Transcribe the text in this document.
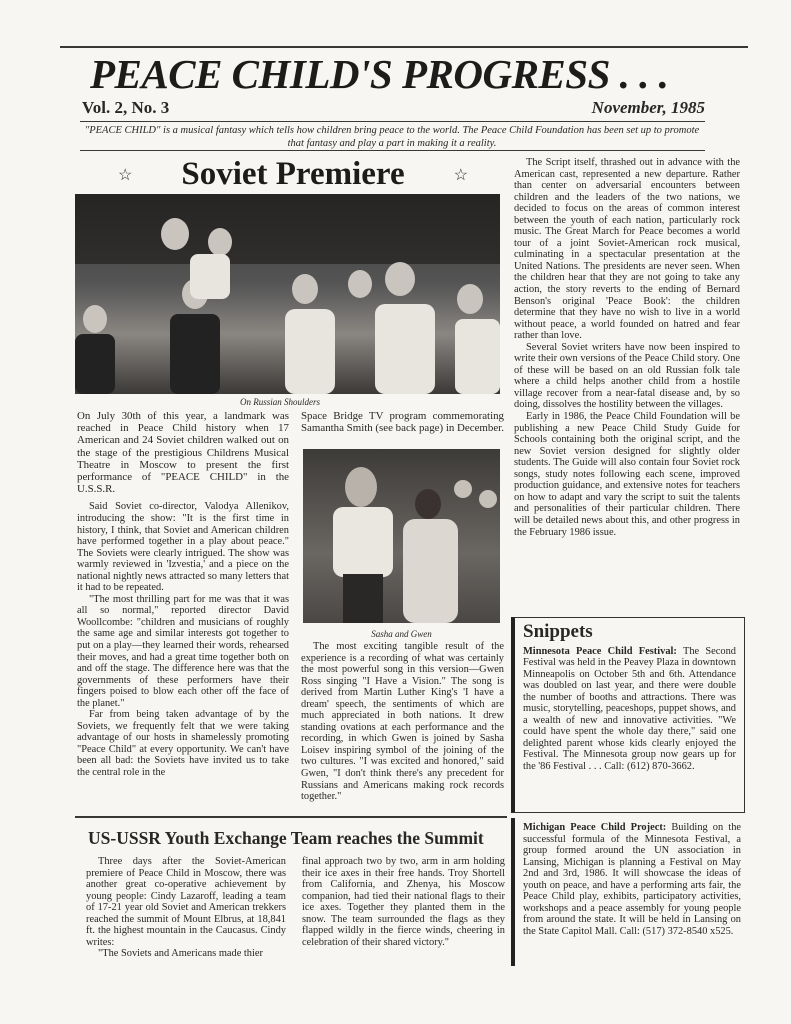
PEACE CHILD'S PROGRESS . . .
Vol. 2, No. 3	November, 1985
"PEACE CHILD" is a musical fantasy which tells how children bring peace to the world. The Peace Child Foundation has been set up to promote that fantasy and play a part in making it a reality.
☆ Soviet Premiere	☆
On Russian Shoulders

On July 30th of this year, a landmark was reached in Peace Child history when 17 American and 24 Soviet children walked out on the stage of the prestigious Childrens Musical Theatre in Moscow to present the first performance of "PEACE CHILD" in the U.S.S.R.

Said Soviet co-director, Valodya Allenikov, introducing the show: "It is the first time in history, I think, that Soviet and American children have performed together in a play about peace." The Soviets were clearly intrigued. The show was warmly reviewed in 'Izvestia,' and a piece on the national nightly news attracted so many letters that it had to be repeated.

"The most thrilling part for me was that it was all so normal," reported director David Woollcombe: "children and musicians of roughly the same age and similar interests got together to put on a play—they learned their words, rehearsed their moves, and had a great time together both on and off the stage. The difference here was that the governments of these performers have their fingers poised to blow each other off the face of the planet."

Far from being taken advantage of by the Soviets, we frequently felt that we were taking advantage of our hosts in shamelessly promoting "Peace Child" at every opportunity. We can't have been all bad: the Soviets have invited us to take the central role in the

Space Bridge TV program commemorating Samantha Smith (see back page) in December.

Sasha and Gwen

The most exciting tangible result of the experience is a recording of what was certainly the most powerful song in this version—Gwen Ross singing "I Have a Vision." The song is derived from Martin Luther King's 'I have a dream' speech, the sentiments of which are much appreciated in both nations. It drew standing ovations at each performance and the recording, in which Gwen is joined by Sasha Loisev inspiring symbol of the joining of the two cultures. "I was excited and honored," said Gwen, "I don't think there's any precedent for Russians and Americans making rock records together."

The Script itself, thrashed out in advance with the American cast, represented a new departure. Rather than center on adversarial encounters between children and the leaders of the two nations, we decided to focus on the areas of common interest between the youth of each nation, particularly rock music. The Great March for Peace becomes a world tour of a joint Soviet-American rock musical, culminating in a spectacular presentation at the United Nations. The presidents are never seen. When the children hear that they are not going to take any action, the story reverts to the ending of Bernard Benson's original 'Peace Book': the children determine that they have no wish to live in a world without peace, a world founded on hatred and fear rather than love.

Several Soviet writers have now been inspired to write their own versions of the Peace Child story. One of these will be based on an old Russian folk tale where a child helps another child from a hostile village recover from a near-fatal disease and, by so doing, dissolves the hostility between the villages.

Early in 1986, the Peace Child Foundation will be publishing a new Peace Child Study Guide for Schools containing both the original script, and the new Soviet version designed for slightly older students. The Guide will also contain four Soviet rock songs, study notes following each scene, improved production guidance, and extensive notes for teachers on how to adapt and vary the script to suit the talents and personalities of their particular children. There will be detailed news about this, and other progress in the February 1986 issue.

Snippets

Minnesota Peace Child Festival: The Second Festival was held in the Peavey Plaza in downtown Minneapolis on October 5th and 6th. Attendance was doubled on last year, and there were double the number of booths and attractions. There was music, storytelling, peaceshops, puppet shows, and a wealth of new and innovative activities. "We could have spent the whole day there," said one delighted parent whose kids clearly enjoyed the Festival. The Minnesota group now gears up for the '86 Festival . . . Call: (612) 870-3662.

Michigan Peace Child Project: Building on the successful formula of the Minnesota Festival, a group formed around the UN association in Lansing, Michigan is planning a Festival on May 2nd and 3rd, 1986. It will showcase the ideas of youth on peace, and have a performing arts fair, the Peace Child play, exhibits, participatory activities, workshops and a peace assembly for young people from around the state. It will be held in Lansing on the State Capitol Mall. Call: (517) 372-8540 x525.

US-USSR Youth Exchange Team reaches the Summit

Three days after the Soviet-American premiere of Peace Child in Moscow, there was another great co-operative achievement by young people: Cindy Lazaroff, leading a team of 17-21 year old Soviet and American trekkers reached the summit of Mount Elbrus, at 18,841 ft. the highest mountain in the Caucasus. Cindy writes:

"The Soviets and Americans made thier

final approach two by two, arm in arm holding their ice axes in their free hands. Troy Shortell from California, and Zhenya, his Moscow companion, had tied their national flags to their ice axes. Together they planted them in the snow. The team surrounded the flags as they flapped wildly in the fierce winds, cheering in celebration of their shared victory."
